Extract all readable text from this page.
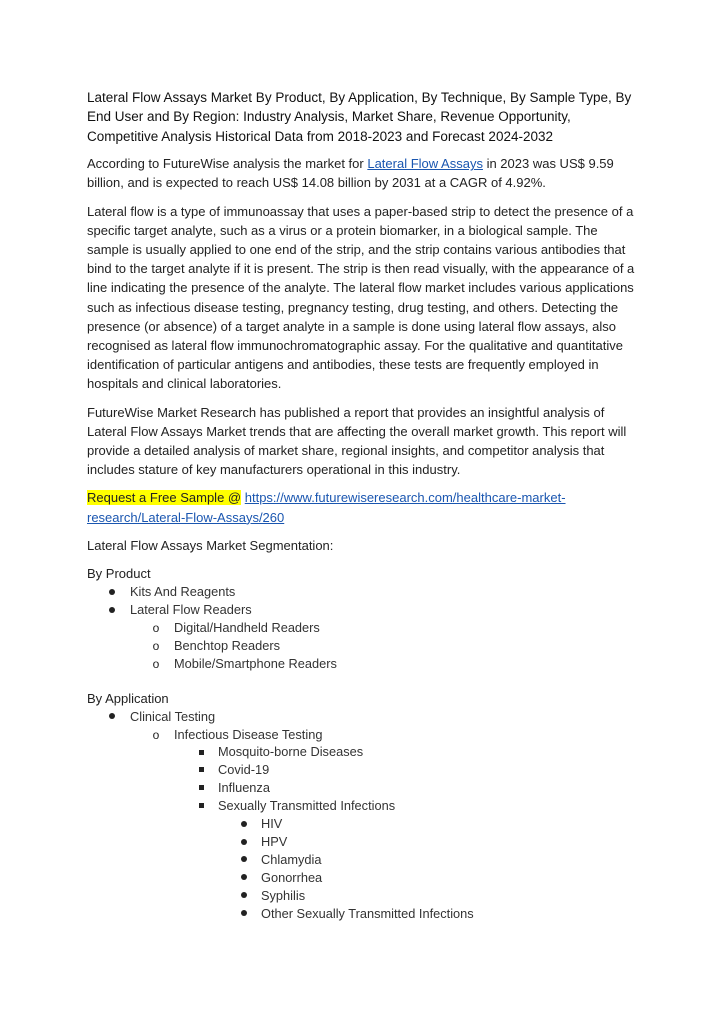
Lateral Flow Assays Market By Product, By Application, By Technique, By Sample Type, By End User and By Region: Industry Analysis, Market Share, Revenue Opportunity, Competitive Analysis Historical Data from 2018-2023 and Forecast 2024-2032

According to FutureWise analysis the market for Lateral Flow Assays in 2023 was US$ 9.59 billion, and is expected to reach US$ 14.08 billion by 2031 at a CAGR of 4.92%.

Lateral flow is a type of immunoassay that uses a paper-based strip to detect the presence of a specific target analyte, such as a virus or a protein biomarker, in a biological sample. The sample is usually applied to one end of the strip, and the strip contains various antibodies that bind to the target analyte if it is present. The strip is then read visually, with the appearance of a line indicating the presence of the analyte. The lateral flow market includes various applications such as infectious disease testing, pregnancy testing, drug testing, and others. Detecting the presence (or absence) of a target analyte in a sample is done using lateral flow assays, also recognised as lateral flow immunochromatographic assay. For the qualitative and quantitative identification of particular antigens and antibodies, these tests are frequently employed in hospitals and clinical laboratories.

FutureWise Market Research has published a report that provides an insightful analysis of Lateral Flow Assays Market trends that are affecting the overall market growth. This report will provide a detailed analysis of market share, regional insights, and competitor analysis that includes stature of key manufacturers operational in this industry.

Request a Free Sample @ https://www.futurewiseresearch.com/healthcare-market-research/Lateral-Flow-Assays/260

Lateral Flow Assays Market Segmentation:
By Product
Kits And Reagents
Lateral Flow Readers
o
Digital/Handheld Readers
o
Benchtop Readers
o
Mobile/Smartphone Readers
By Application
Clinical Testing
o
Infectious Disease Testing
Mosquito-borne Diseases
Covid-19
Influenza
Sexually Transmitted Infections
HIV
HPV
Chlamydia
Gonorrhea
Syphilis
Other Sexually Transmitted Infections
